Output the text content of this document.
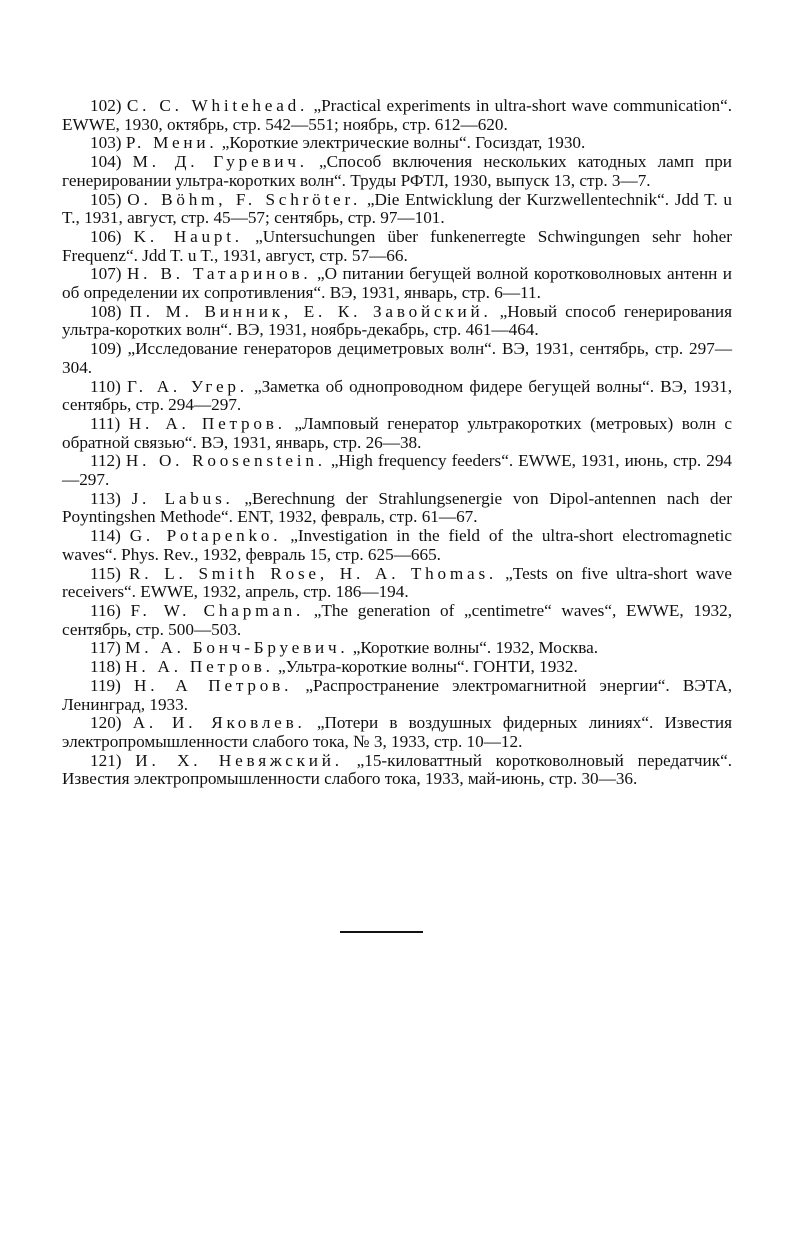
102) C. C. Whitehead. „Practical experiments in ultra-short wave communication“. EWWE, 1930, октябрь, стр. 542—551; ноябрь, стр. 612—620.

103) Р. Мени. „Короткие электрические волны“. Госиздат, 1930.

104) М. Д. Гуревич. „Способ включения нескольких катодных ламп при генерировании ультра-коротких волн“. Труды РФТЛ, 1930, выпуск 13, стр. 3—7.

105) O. Böhm, F. Schröter. „Die Entwicklung der Kurzwellentechnik“. Jdd T. u T., 1931, август, стр. 45—57; сентябрь, стр. 97—101.

106) K. Haupt. „Untersuchungen über funkenerregte Schwingungen sehr hoher Frequenz“. Jdd T. u T., 1931, август, стр. 57—66.

107) Н. В. Татаринов. „О питании бегущей волной коротковолновых антенн и об определении их сопротивления“. ВЭ, 1931, январь, стр. 6—11.

108) П. М. Винник, Е. К. Завойский. „Новый способ генерирования ультра-коротких волн“. ВЭ, 1931, ноябрь-декабрь, стр. 461—464.

109) „Исследование генераторов дециметровых волн“. ВЭ, 1931, сентябрь, стр. 297—304.

110) Г. А. Угер. „Заметка об однопроводном фидере бегущей волны“. ВЭ, 1931, сентябрь, стр. 294—297.

111) Н. А. Петров. „Ламповый генератор ультракоротких (метровых) волн с обратной связью“. ВЭ, 1931, январь, стр. 26—38.

112) H. O. Roosenstein. „High frequency feeders“. EWWE, 1931, июнь, стр. 294—297.

113) J. Labus. „Berechnung der Strahlungsenergie von Dipol-antennen nach der Poyntingshen Methode“. ENT, 1932, февраль, стр. 61—67.

114) G. Potapenko. „Investigation in the field of the ultra-short electromagnetic waves“. Phys. Rev., 1932, февраль 15, стр. 625—665.

115) R. L. Smith Rose, H. A. Thomas. „Tests on five ultra-short wave receivers“. EWWE, 1932, апрель, стр. 186—194.

116) F. W. Chapman. „The generation of „centimetre“ waves“, EWWE, 1932, сентябрь, стр. 500—503.

117) М. А. Бонч-Бруевич. „Короткие волны“. 1932, Москва.

118) Н. А. Петров. „Ультра-короткие волны“. ГОНТИ, 1932.

119) Н. А Петров. „Распространение электромагнитной энергии“. ВЭТА, Ленинград, 1933.

120) А. И. Яковлев. „Потери в воздушных фидерных линиях“. Известия электропромышленности слабого тока, № 3, 1933, стр. 10—12.

121) И. Х. Невяжский. „15-киловаттный коротковолновый передатчик“. Известия электропромышленности слабого тока, 1933, май-июнь, стр. 30—36.
